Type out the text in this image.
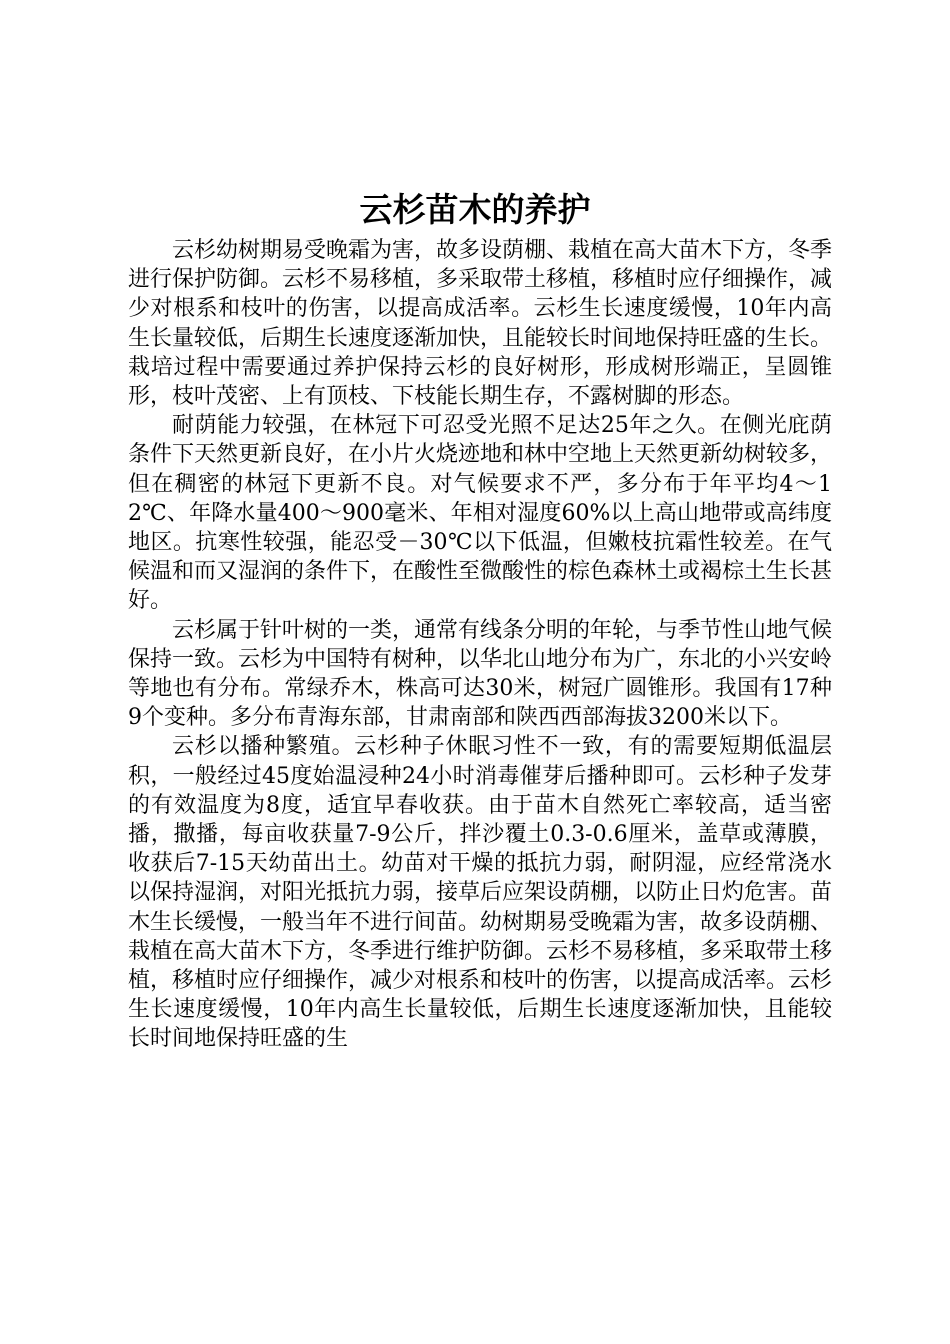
云杉苗木的养护

云杉幼树期易受晚霜为害，故多设荫棚、栽植在高大苗木下方，冬季进行保护防御。云杉不易移植，多采取带土移植，移植时应仔细操作，减少对根系和枝叶的伤害，以提高成活率。云杉生长速度缓慢，10年内高生长量较低，后期生长速度逐渐加快，且能较长时间地保持旺盛的生长。栽培过程中需要通过养护保持云杉的良好树形，形成树形端正，呈圆锥形，枝叶茂密、上有顶枝、下枝能长期生存，不露树脚的形态。

耐荫能力较强，在林冠下可忍受光照不足达25年之久。在侧光庇荫条件下天然更新良好，在小片火烧迹地和林中空地上天然更新幼树较多，但在稠密的林冠下更新不良。对气候要求不严，多分布于年平均4～12℃、年降水量400～900毫米、年相对湿度60%以上高山地带或高纬度地区。抗寒性较强，能忍受－30℃以下低温，但嫩枝抗霜性较差。在气候温和而又湿润的条件下，在酸性至微酸性的棕色森林土或褐棕土生长甚好。

云杉属于针叶树的一类，通常有线条分明的年轮，与季节性山地气候保持一致。云杉为中国特有树种，以华北山地分布为广，东北的小兴安岭等地也有分布。常绿乔木，株高可达30米，树冠广圆锥形。我国有17种9个变种。多分布青海东部，甘肃南部和陕西西部海拔3200米以下。

云杉以播种繁殖。云杉种子休眠习性不一致，有的需要短期低温层积，一般经过45度始温浸种24小时消毒催芽后播种即可。云杉种子发芽的有效温度为8度，适宜早春收获。由于苗木自然死亡率较高，适当密播，撒播，每亩收获量7-9公斤，拌沙覆土0.3-0.6厘米，盖草或薄膜，收获后7-15天幼苗出土。幼苗对干燥的抵抗力弱，耐阴湿，应经常浇水以保持湿润，对阳光抵抗力弱，接草后应架设荫棚，以防止日灼危害。苗木生长缓慢，一般当年不进行间苗。幼树期易受晚霜为害，故多设荫棚、栽植在高大苗木下方，冬季进行维护防御。云杉不易移植，多采取带土移植，移植时应仔细操作，减少对根系和枝叶的伤害，以提高成活率。云杉生长速度缓慢，10年内高生长量较低，后期生长速度逐渐加快，且能较长时间地保持旺盛的生
